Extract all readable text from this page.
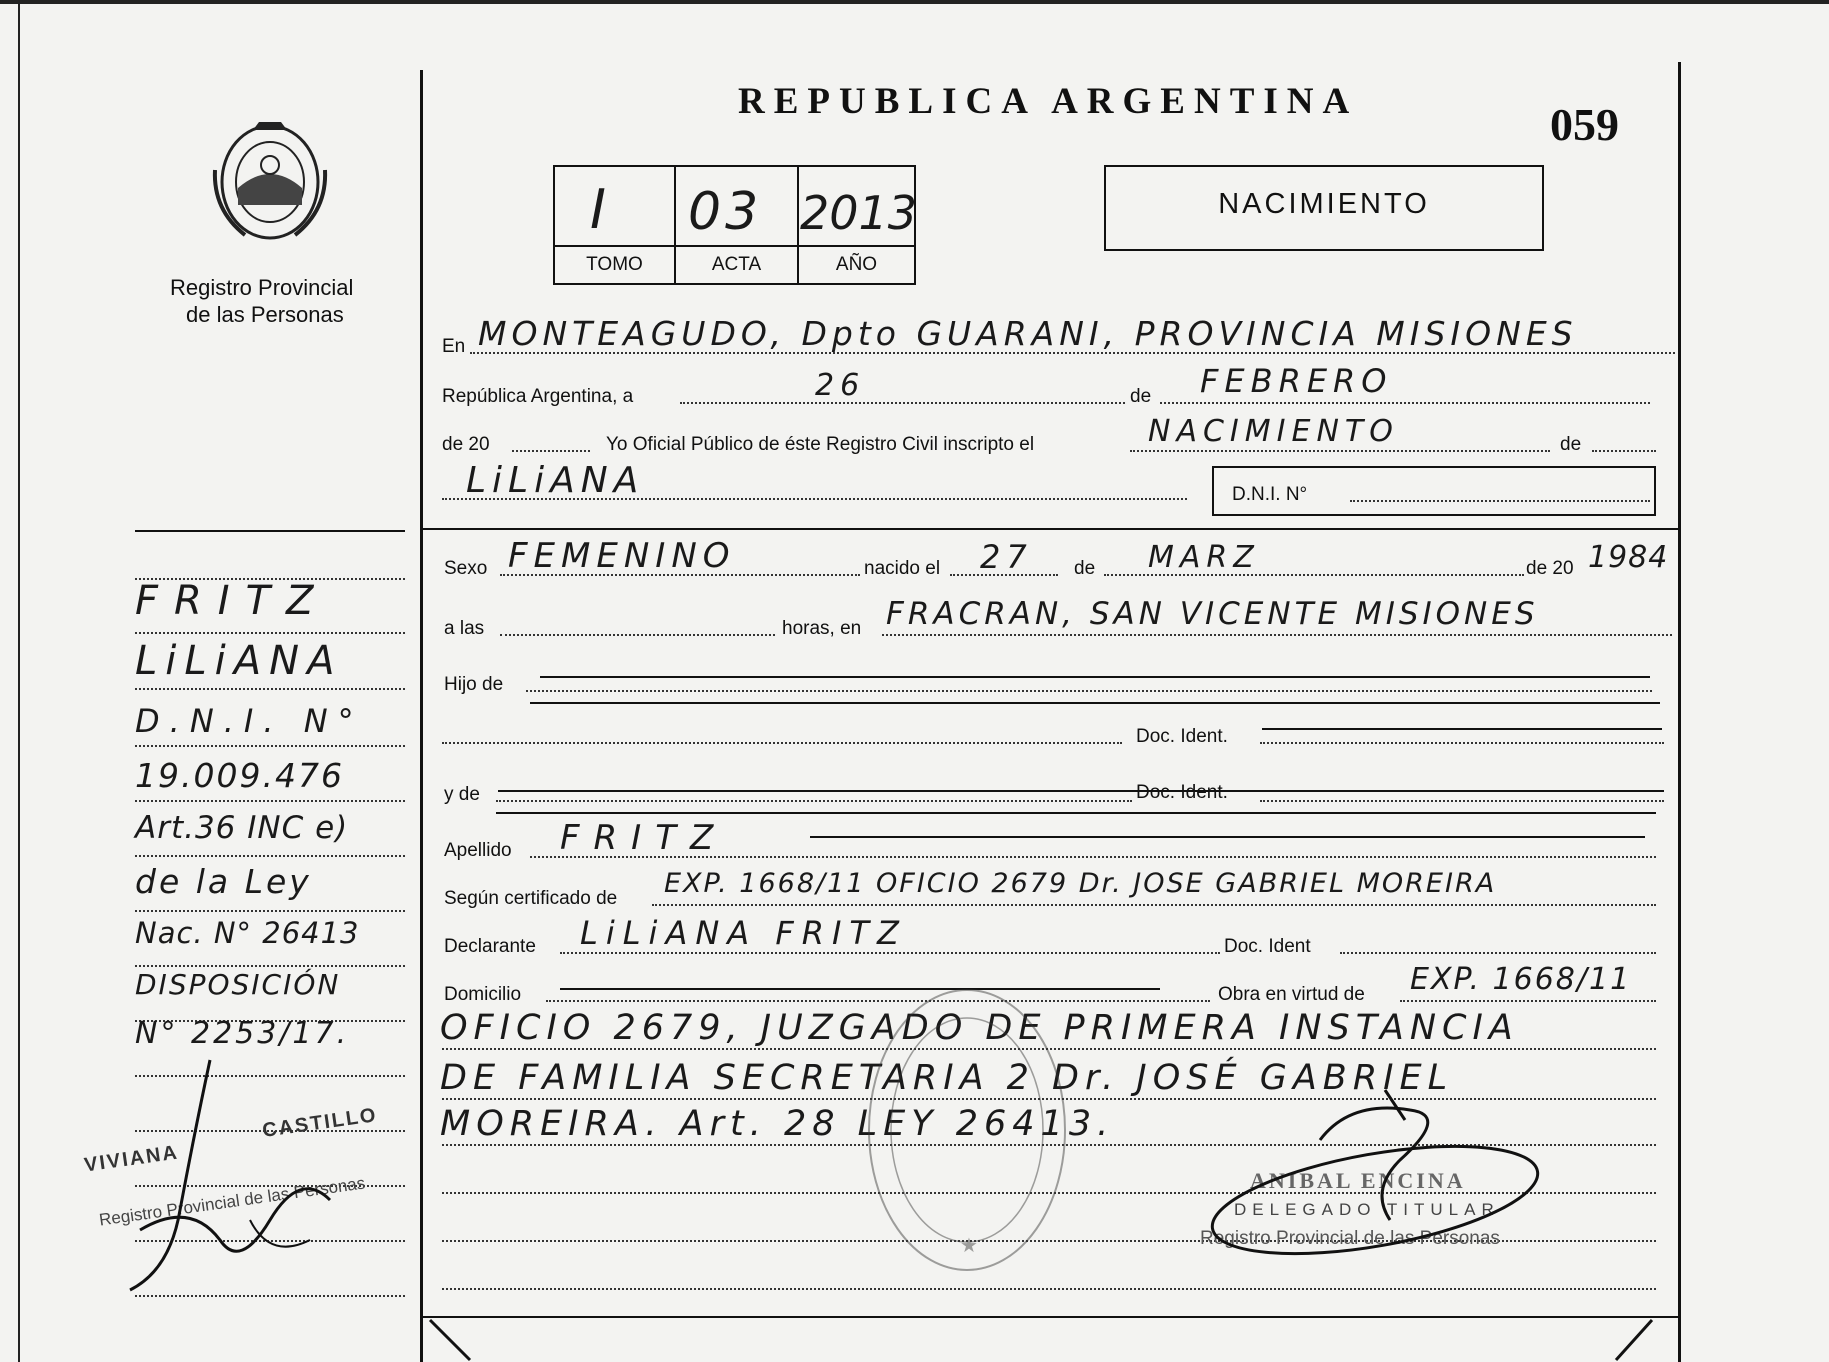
REPUBLICA ARGENTINA	059
Registro Provincial
de las Personas
I 03 2013
TOMO	ACTA	AÑO
NACIMIENTO
En MONTEAGUDO, Dpto GUARANI, PROVINCIA MISIONES
República Argentina, a	26	de FEBRERO
de 20	Yo Oficial Público de éste Registro Civil inscripto el	NACIMIENTO	de
LiLiANA	D.N.I. N°
Sexo FEMENINO	nacido el 27 de MARZ	de 20 1984
a las	horas, en FRACRAN, SAN VICENTE MISIONES
Hijo de
Doc. Ident.
y de	Doc. Ident.
Apellido FRITZ
Según certificado de EXP. 1668/11 OFICIO 2679 Dr. JOSE GABRIEL MOREIRA
Declarante LiLiANA FRITZ	Doc. Ident
Domicilio	Obra en virtud de EXP. 1668/11
OFICIO 2679, JUZGADO DE PRIMERA INSTANCIA
DE FAMILIA SECRETARIA 2 Dr. JOSÉ GABRIEL
MOREIRA. Art. 28 LEY 26413.
★
ANIBAL ENCINA
DELEGADO TITULAR
Registro Provincial de las Personas
FRITZ
LiLiANA
D.N.I. N°
19.009.476
Art.36 INC e)
de la Ley
Nac. N° 26413
DISPOSICIÓN
N° 2253/17.
VIVIANA
CASTILLO
Registro Provincial de las Personas
